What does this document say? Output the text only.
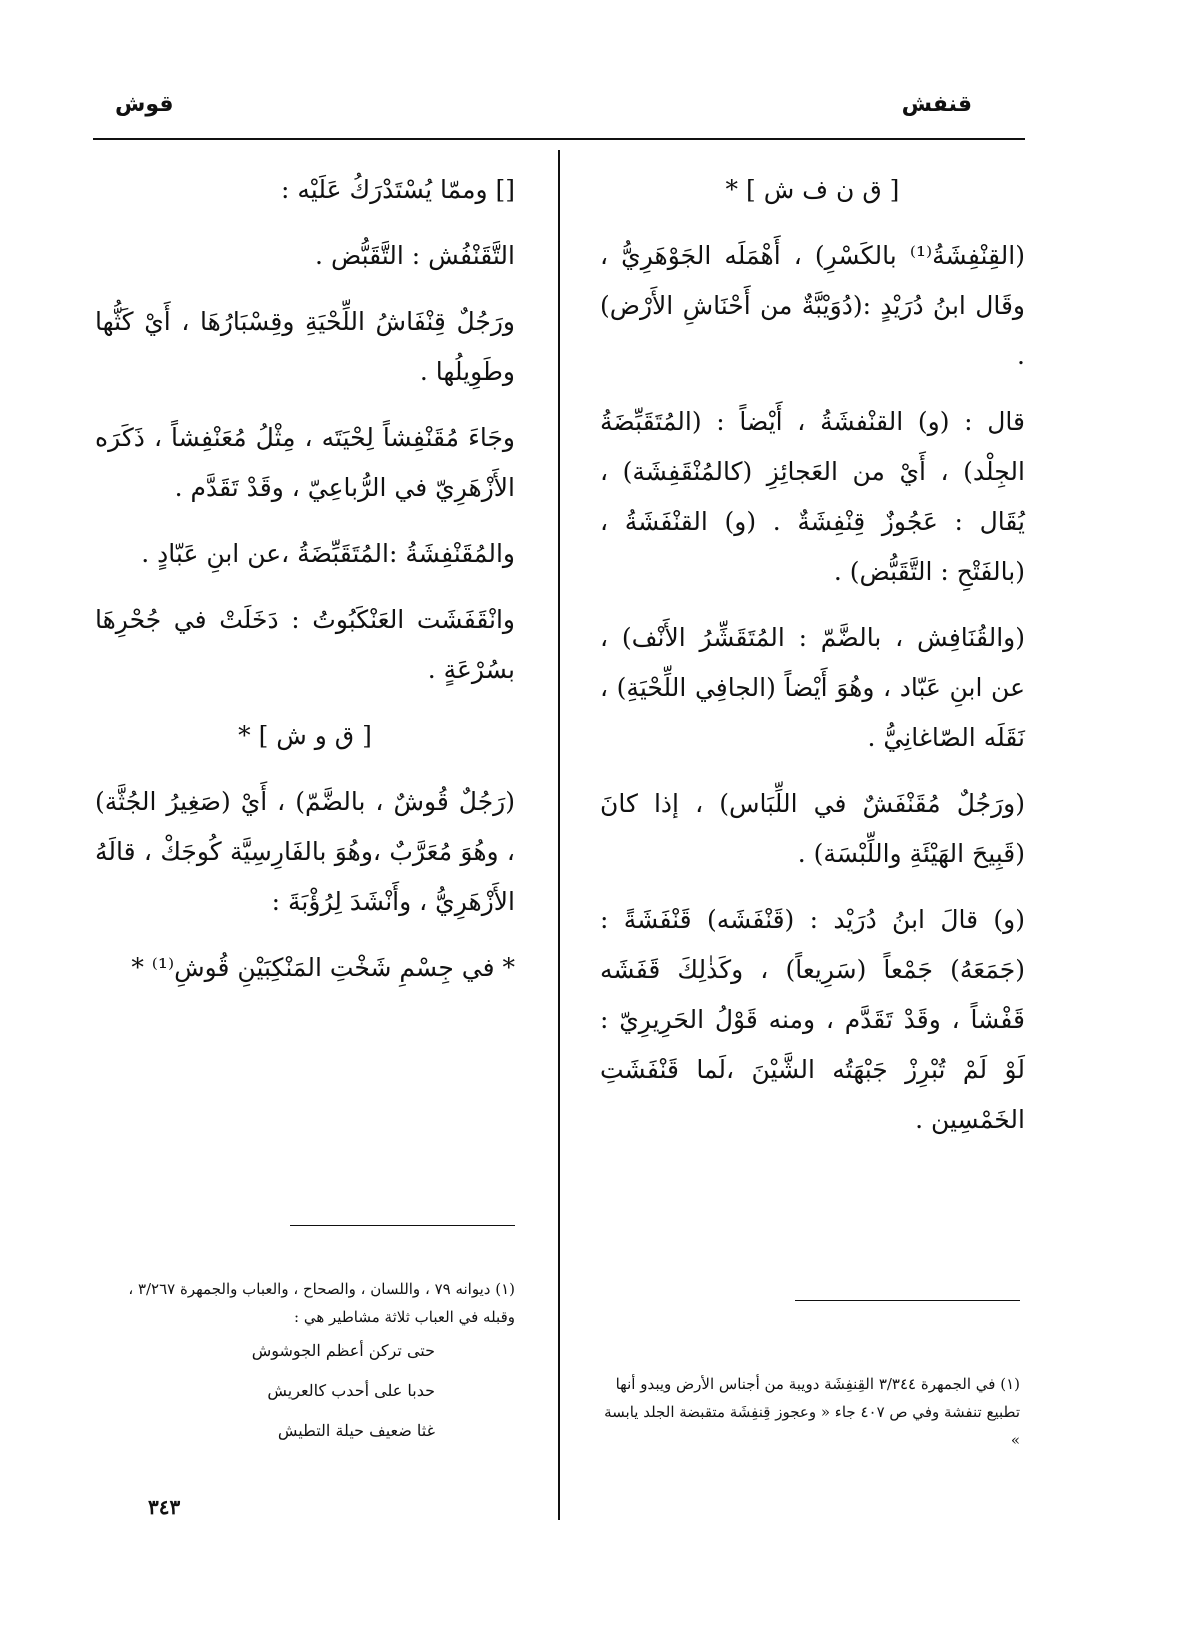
قوش	قنفش

[ ق ن ف ش ] *

(القِنْفِشَةُ⁽¹⁾ بالكَسْرِ) ، أَهْمَلَه الجَوْهَرِيُّ ، وقَال ابنُ دُرَيْدٍ :(دُوَيْبَّةٌ من أَحْنَاشِ الأَرْض) .

قال : (و) القنْفشَةُ ، أَيْضاً : (المُتَقَبِّضَةُ الجِلْد) ، أَيْ من العَجائِزِ (كالمُنْقَفِشَة) ، يُقَال : عَجُوزٌ قِنْفِشَةٌ . (و) القنْفَشَةُ ، (بالفَتْحِ : التَّقَبُّض) .

(والقُنَافِش ، بالضَّمّ : المُتَقَشِّرُ الأَنْف) ، عن ابنِ عَبّاد ، وهُوَ أَيْضاً (الجافِي اللِّحْيَةِ) ، نَقَلَه الصّاغانِيُّ .

(ورَجُلٌ مُقَنْفَشٌ في اللِّبَاس) ، إذا كانَ (قَبِيحَ الهَيْئَةِ واللِّبْسَة) .

(و) قالَ ابنُ دُرَيْد : (قَنْفَشَه) قَنْفَشَةً : (جَمَعَهُ) جَمْعاً (سَرِيعاً) ، وكَذٰلِكَ قَفَشَه قَفْشاً ، وقَدْ تَقَدَّم ، ومنه قَوْلُ الحَرِيرِيّ : لَوْ لَمْ تُبْرِزْ جَبْهَتُه الشَّيْنَ ،لَما قَنْفَشَتِ الخَمْسِين .

[] وممّا يُسْتَدْرَكُ عَلَيْه :

التَّقَنْفُش : التَّقَبُّض .

ورَجُلٌ قِنْفَاشُ اللِّحْيَةِ وقِسْبَارُهَا ، أَيْ كَثُّها وطَوِيلُها .

وجَاءَ مُقَنْفِشاً لِحْيَتَه ، مِثْلُ مُعَنْفِشاً ، ذَكَرَه الأَزْهَرِيّ في الرُّباعِيّ ، وقَدْ تَقَدَّم .

والمُقَنْفِشَةُ :المُتَقَبِّضَةُ ،عن ابنِ عَبّادٍ .

وانْقَفَشَت العَنْكَبُوتُ : دَخَلَتْ في جُحْرِهَا بسُرْعَةٍ .

[ ق و ش ] *

(رَجُلٌ قُوشٌ ، بالضَّمّ) ، أَيْ (صَغِيرُ الجُثَّة) ، وهُوَ مُعَرَّبٌ ،وهُوَ بالفَارِسِيَّة كُوجَكْ ، قالَهُ الأَزْهَرِيُّ ، وأَنْشَدَ لِرُؤْبَةَ :

* في جِسْمِ شَخْتِ المَنْكِبَيْنِ قُوشِ⁽¹⁾ *

(١) في الجمهرة ٣/٣٤٤ القِنفِشَة دويبة من أجناس الأرض ويبدو أنها تطبيع تنفشة وفي ص ٤٠٧ جاء « وعجوز قِنفِشَة متقبضة الجلد يابسة »
(١) ديوانه ٧٩ ، واللسان ، والصحاح ، والعباب والجمهرة ٣/٢٦٧ ، وقبله في العباب ثلاثة مشاطير هي :
حتى تركن أعظم الجوشوش
حدبا على أحدب كالعريش
غثا ضعيف حيلة التطيش
٣٤٣
